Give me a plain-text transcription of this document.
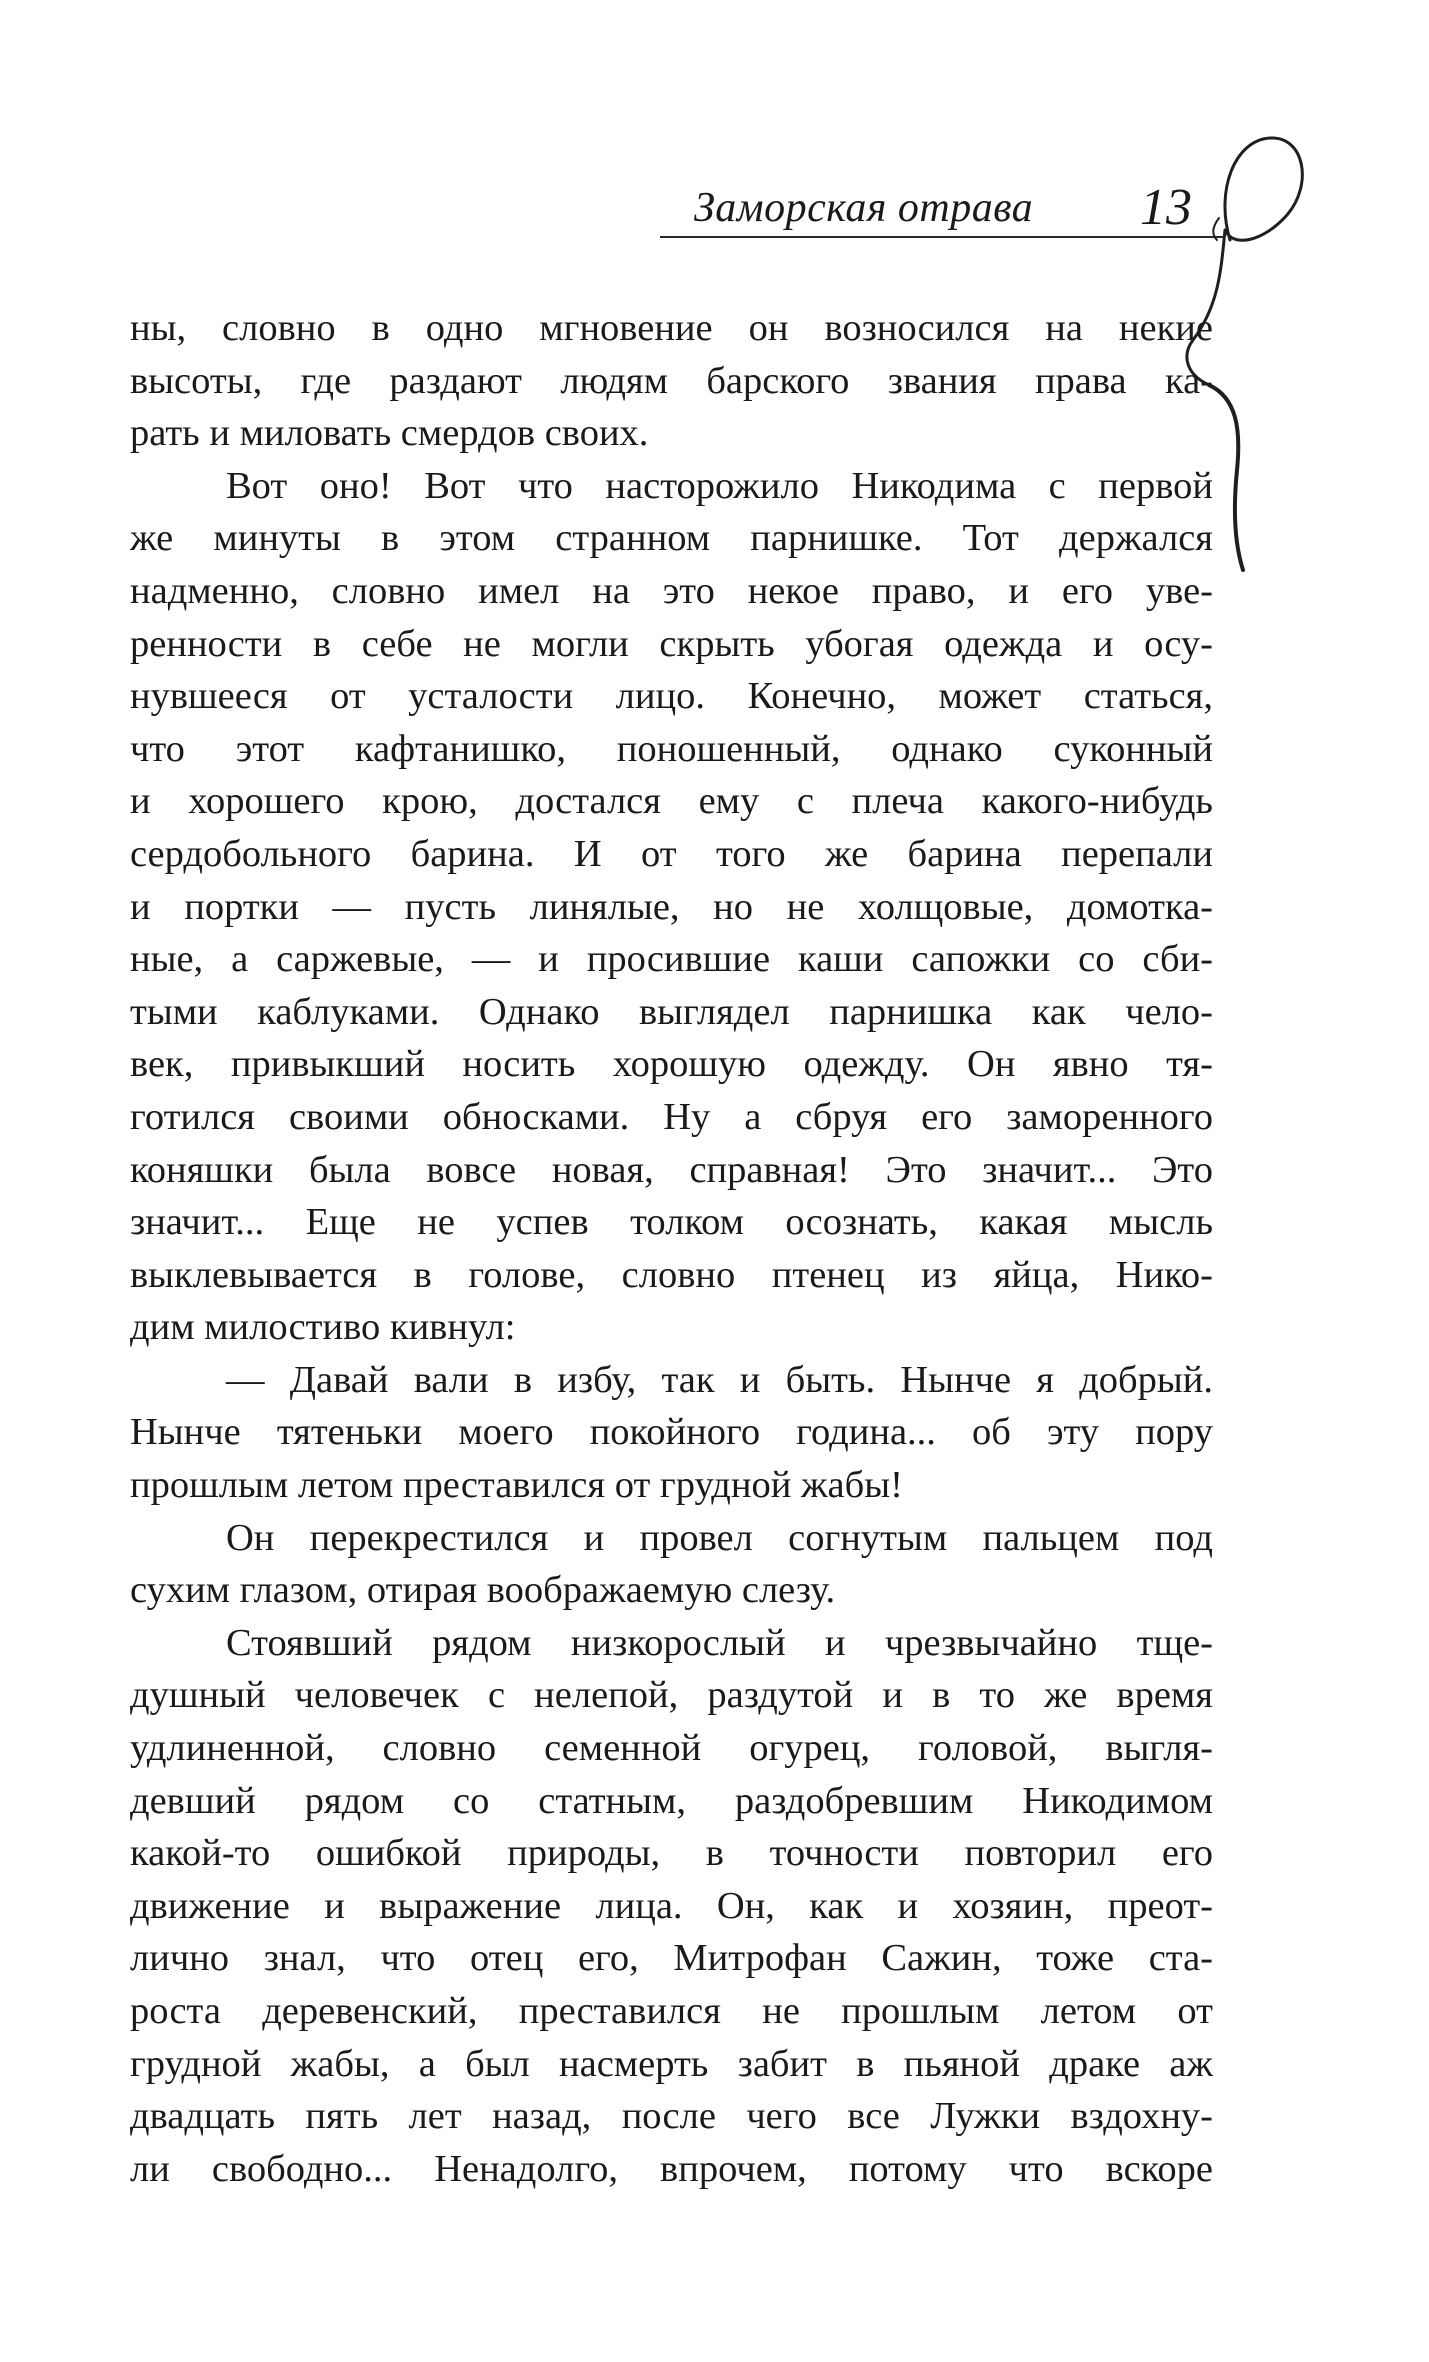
Заморская отрава 13
ны, словно в одно мгновение он возносился на некие
высоты, где раздают людям барского звания права ка-
рать и миловать смердов своих.
Вот оно! Вот что насторожило Никодима с первой
же минуты в этом странном парнишке. Тот держался
надменно, словно имел на это некое право, и его уве-
ренности в себе не могли скрыть убогая одежда и осу-
нувшееся от усталости лицо. Конечно, может статься,
что этот кафтанишко, поношенный, однако суконный
и хорошего крою, достался ему с плеча какого-нибудь
сердобольного барина. И от того же барина перепали
и портки — пусть линялые, но не холщовые, домотка-
ные, а саржевые, — и просившие каши сапожки со сби-
тыми каблуками. Однако выглядел парнишка как чело-
век, привыкший носить хорошую одежду. Он явно тя-
готился своими обносками. Ну а сбруя его заморенного
коняшки была вовсе новая, справная! Это значит... Это
значит... Еще не успев толком осознать, какая мысль
выклевывается в голове, словно птенец из яйца, Нико-
дим милостиво кивнул:
— Давай вали в избу, так и быть. Нынче я добрый.
Нынче тятеньки моего покойного година... об эту пору
прошлым летом преставился от грудной жабы!
Он перекрестился и провел согнутым пальцем под
сухим глазом, отирая воображаемую слезу.
Стоявший рядом низкорослый и чрезвычайно тще-
душный человечек с нелепой, раздутой и в то же время
удлиненной, словно семенной огурец, головой, выгля-
девший рядом со статным, раздобревшим Никодимом
какой-то ошибкой природы, в точности повторил его
движение и выражение лица. Он, как и хозяин, преот-
лично знал, что отец его, Митрофан Сажин, тоже ста-
роста деревенский, преставился не прошлым летом от
грудной жабы, а был насмерть забит в пьяной драке аж
двадцать пять лет назад, после чего все Лужки вздохну-
ли свободно... Ненадолго, впрочем, потому что вскоре
